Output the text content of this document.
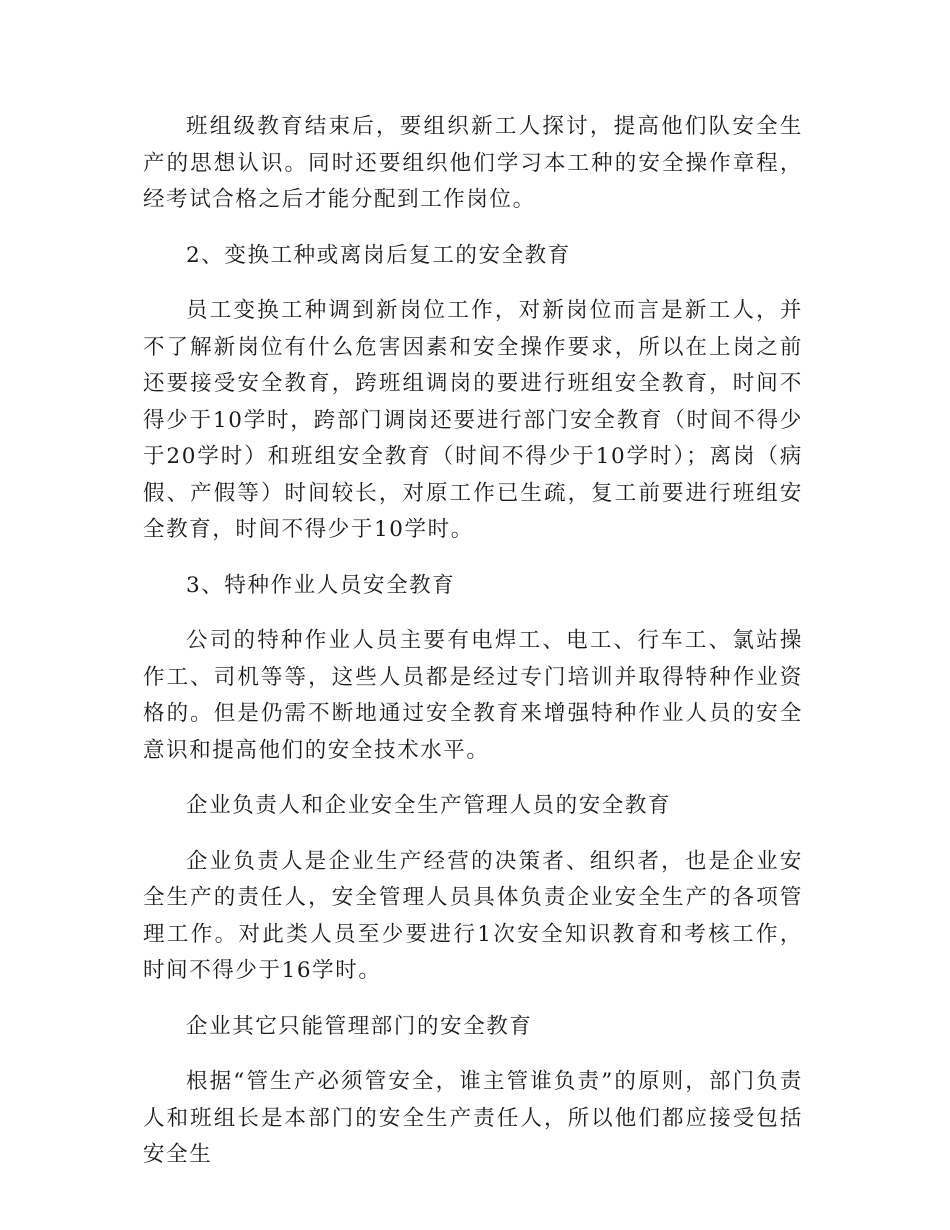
班组级教育结束后，要组织新工人探讨，提高他们队安全生产的思想认识。同时还要组织他们学习本工种的安全操作章程，经考试合格之后才能分配到工作岗位。

2、变换工种或离岗后复工的安全教育

员工变换工种调到新岗位工作，对新岗位而言是新工人，并不了解新岗位有什么危害因素和安全操作要求，所以在上岗之前还要接受安全教育，跨班组调岗的要进行班组安全教育，时间不得少于10学时，跨部门调岗还要进行部门安全教育（时间不得少于20学时）和班组安全教育（时间不得少于10学时）；离岗（病假、产假等）时间较长，对原工作已生疏，复工前要进行班组安全教育，时间不得少于10学时。

3、特种作业人员安全教育

公司的特种作业人员主要有电焊工、电工、行车工、氯站操作工、司机等等，这些人员都是经过专门培训并取得特种作业资格的。但是仍需不断地通过安全教育来增强特种作业人员的安全意识和提高他们的安全技术水平。

企业负责人和企业安全生产管理人员的安全教育

企业负责人是企业生产经营的决策者、组织者，也是企业安全生产的责任人，安全管理人员具体负责企业安全生产的各项管理工作。对此类人员至少要进行1次安全知识教育和考核工作，时间不得少于16学时。

企业其它只能管理部门的安全教育

根据“管生产必须管安全，谁主管谁负责”的原则，部门负责人和班组长是本部门的安全生产责任人，所以他们都应接受包括安全生
